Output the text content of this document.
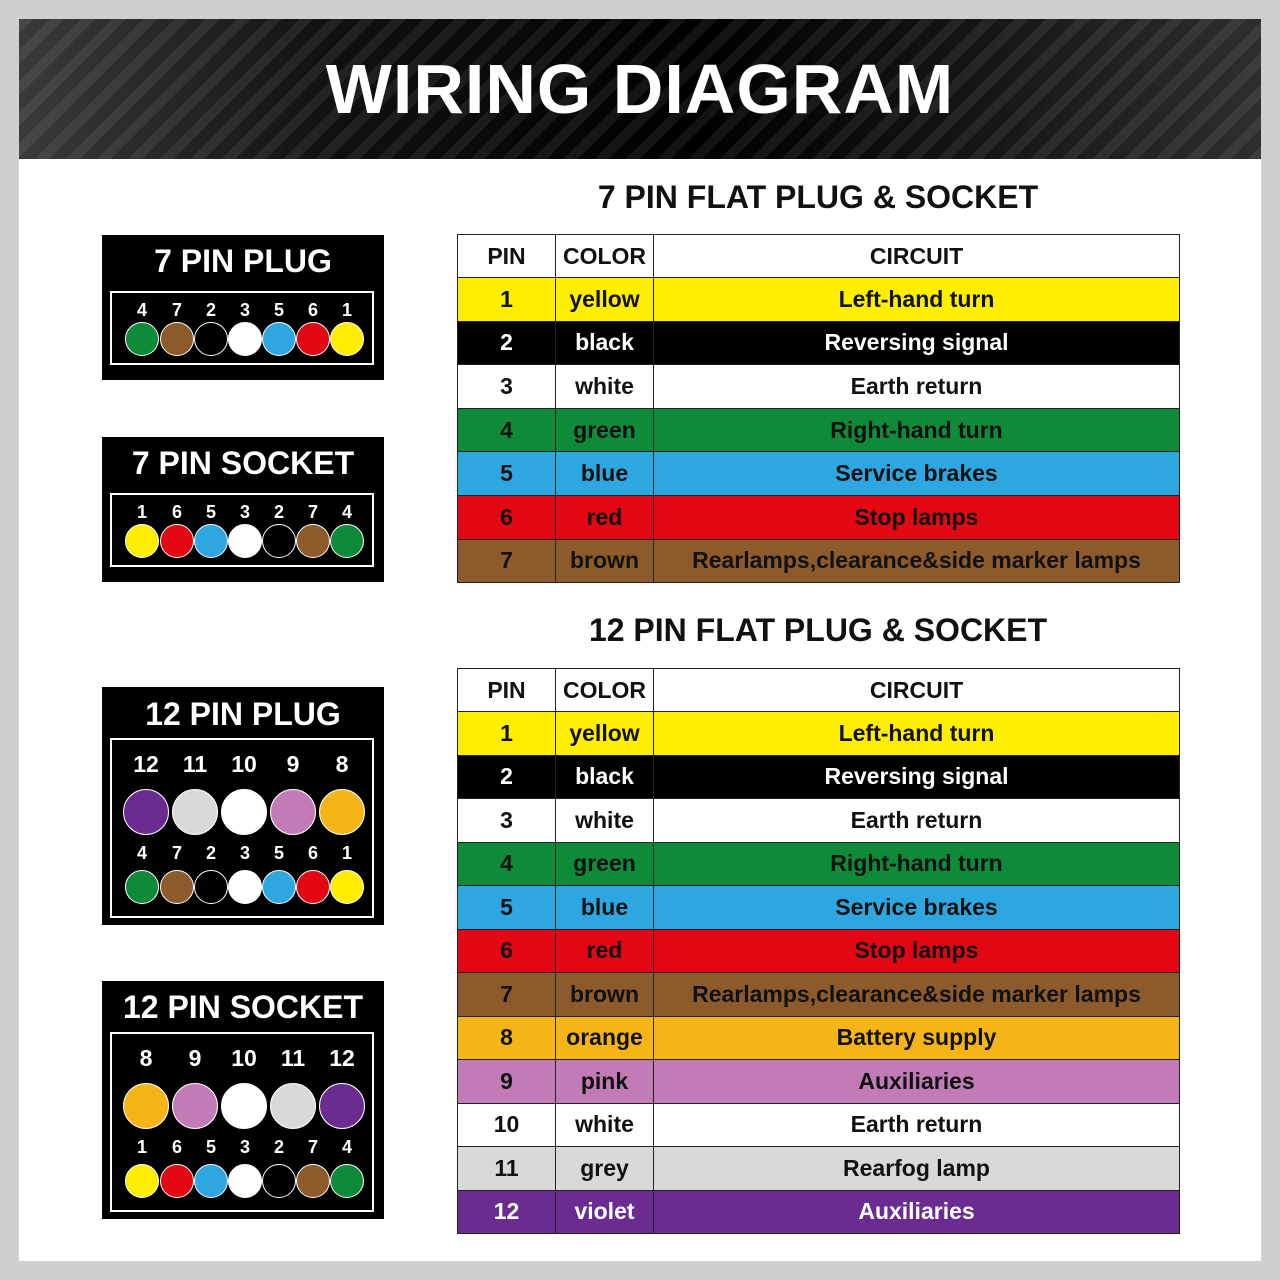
WIRING DIAGRAM
7 PIN FLAT PLUG & SOCKET
12 PIN FLAT PLUG & SOCKET
7 PIN PLUG
4 7 2 3 5 6 1
7 PIN SOCKET
1 6 5 3 2 7 4
12 PIN PLUG
12 11 10 9 8
4 7 2 3 5 6 1
12 PIN SOCKET
8 9 10 11 12
1 6 5 3 2 7 4
PIN	COLOR	CIRCUIT
1	yellow	Left-hand turn
2	black	Reversing signal
3	white	Earth return
4	green	Right-hand turn
5	blue	Service brakes
6	red	Stop lamps
7	brown	Rearlamps,clearance&side marker lamps
PIN	COLOR	CIRCUIT
1	yellow	Left-hand turn
2	black	Reversing signal
3	white	Earth return
4	green	Right-hand turn
5	blue	Service brakes
6	red	Stop lamps
7	brown	Rearlamps,clearance&side marker lamps
8	orange	Battery supply
9	pink	Auxiliaries
10	white	Earth return
11	grey	Rearfog lamp
12	violet	Auxiliaries
